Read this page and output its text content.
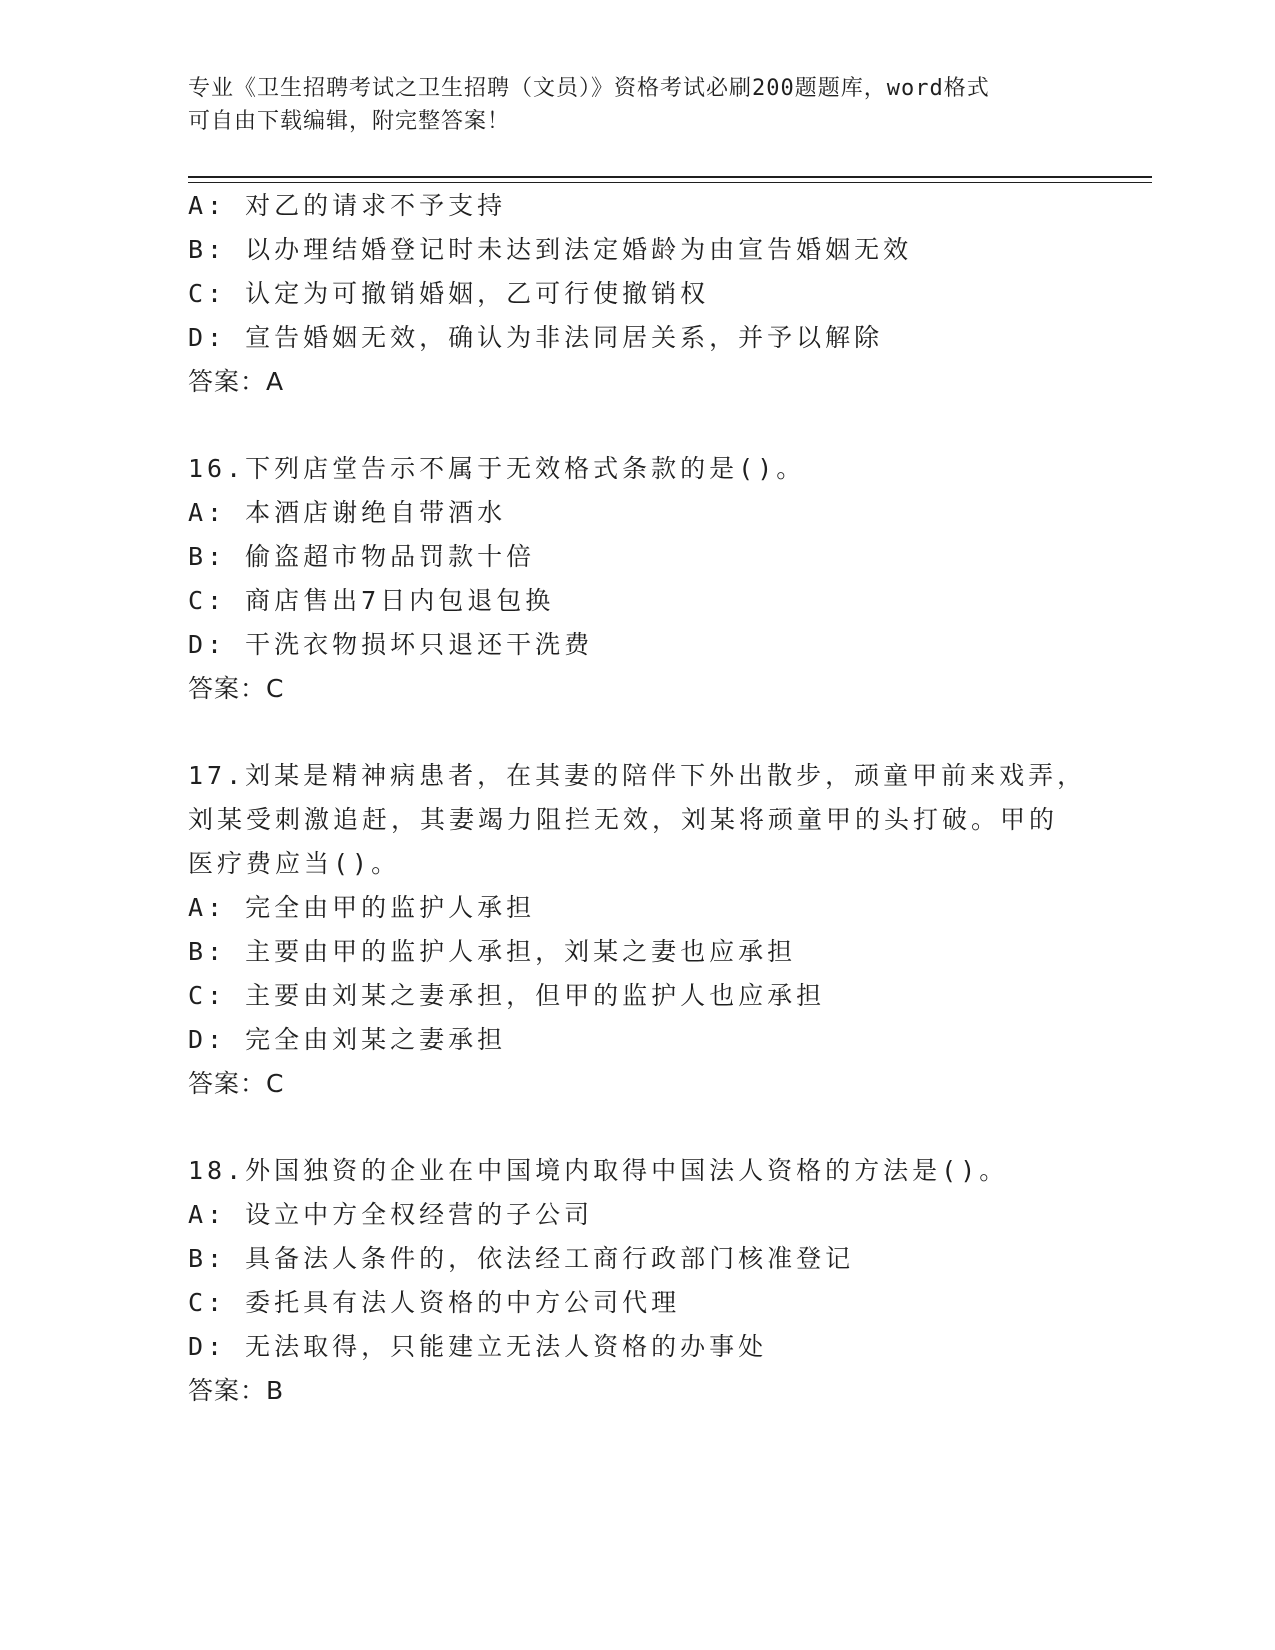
专业《卫生招聘考试之卫生招聘（文员）》资格考试必刷200题题库，word格式
可自由下载编辑，附完整答案！
A: 对乙的请求不予支持
B: 以办理结婚登记时未达到法定婚龄为由宣告婚姻无效
C: 认定为可撤销婚姻，乙可行使撤销权
D: 宣告婚姻无效，确认为非法同居关系，并予以解除
答案：A
16.下列店堂告示不属于无效格式条款的是()。
A: 本酒店谢绝自带酒水
B: 偷盗超市物品罚款十倍
C: 商店售出7日内包退包换
D: 干洗衣物损坏只退还干洗费
答案：C
17.刘某是精神病患者，在其妻的陪伴下外出散步，顽童甲前来戏弄，
刘某受刺激追赶，其妻竭力阻拦无效，刘某将顽童甲的头打破。甲的
医疗费应当()。
A: 完全由甲的监护人承担
B: 主要由甲的监护人承担，刘某之妻也应承担
C: 主要由刘某之妻承担，但甲的监护人也应承担
D: 完全由刘某之妻承担
答案：C
18.外国独资的企业在中国境内取得中国法人资格的方法是()。
A: 设立中方全权经营的子公司
B: 具备法人条件的，依法经工商行政部门核准登记
C: 委托具有法人资格的中方公司代理
D: 无法取得，只能建立无法人资格的办事处
答案：B
